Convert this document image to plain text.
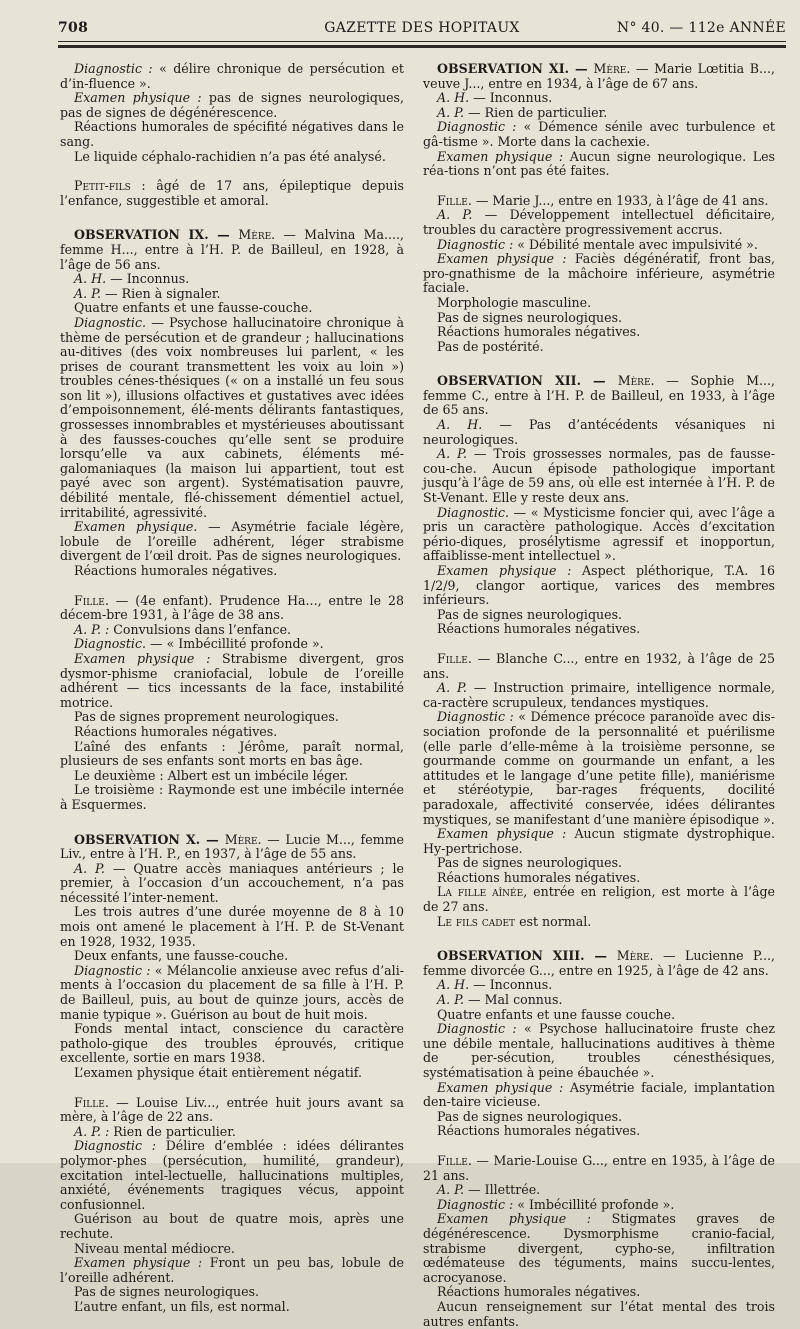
708	GAZETTE DES HOPITAUX	N° 40. — 112e ANNÉE

Diagnostic : « délire chronique de persécution et d’in-fluence ».

Examen physique : pas de signes neurologiques, pas de signes de dégénérescence.

Réactions humorales de spécifité négatives dans le sang.

Le liquide céphalo-rachidien n’a pas été analysé.

Petit-fils : âgé de 17 ans, épileptique depuis l’enfance, suggestible et amoral.

OBSERVATION IX. — Mère. — Malvina Ma...., femme H..., entre à l’H. P. de Bailleul, en 1928, à l’âge de 56 ans.

A. H. — Inconnus.

A. P. — Rien à signaler.

Quatre enfants et une fausse-couche.

Diagnostic. — Psychose hallucinatoire chronique à thème de persécution et de grandeur ; hallucinations au-ditives (des voix nombreuses lui parlent, « les prises de courant transmettent les voix au loin ») troubles cénes-thésiques (« on a installé un feu sous son lit »), illusions olfactives et gustatives avec idées d’empoisonnement, élé-ments délirants fantastiques, grossesses innombrables et mystérieuses aboutissant à des fausses-couches qu’elle sent se produire lorsqu’elle va aux cabinets, éléments mé-galomaniaques (la maison lui appartient, tout est payé avec son argent). Systématisation pauvre, débilité mentale, flé-chissement démentiel actuel, irritabilité, agressivité.

Examen physique. — Asymétrie faciale légère, lobule de l’oreille adhérent, léger strabisme divergent de l’œil droit. Pas de signes neurologiques.

Réactions humorales négatives.

Fille. — (4e enfant). Prudence Ha..., entre le 28 décem-bre 1931, à l’âge de 38 ans.

A. P. : Convulsions dans l’enfance.

Diagnostic. — « Imbécillité profonde ».

Examen physique : Strabisme divergent, gros dysmor-phisme craniofacial, lobule de l’oreille adhérent — tics incessants de la face, instabilité motrice.

Pas de signes proprement neurologiques.

Réactions humorales négatives.

L’aîné des enfants : Jérôme, paraît normal, plusieurs de ses enfants sont morts en bas âge.

Le deuxième : Albert est un imbécile léger.

Le troisième : Raymonde est une imbécile internée à Esquermes.

OBSERVATION X. — Mère. — Lucie M..., femme Liv., entre à l’H. P., en 1937, à l’âge de 55 ans.

A. P. — Quatre accès maniaques antérieurs ; le premier, à l’occasion d’un accouchement, n’a pas nécessité l’inter-nement.

Les trois autres d’une durée moyenne de 8 à 10 mois ont amené le placement à l’H. P. de St-Venant en 1928, 1932, 1935.

Deux enfants, une fausse-couche.

Diagnostic : « Mélancolie anxieuse avec refus d’ali-ments à l’occasion du placement de sa fille à l’H. P. de Bailleul, puis, au bout de quinze jours, accès de manie typique ». Guérison au bout de huit mois.

Fonds mental intact, conscience du caractère patholo-gique des troubles éprouvés, critique excellente, sortie en mars 1938.

L’examen physique était entièrement négatif.

Fille. — Louise Liv..., entrée huit jours avant sa mère, à l’âge de 22 ans.

A. P. : Rien de particulier.

Diagnostic : Délire d’emblée : idées délirantes polymor-phes (persécution, humilité, grandeur), excitation intel-lectuelle, hallucinations multiples, anxiété, événements tragiques vécus, appoint confusionnel.

Guérison au bout de quatre mois, après une rechute.

Niveau mental médiocre.

Examen physique : Front un peu bas, lobule de l’oreille adhérent.

Pas de signes neurologiques.

L’autre enfant, un fils, est normal.

OBSERVATION XI. — Mère. — Marie Lœtitia B..., veuve J..., entre en 1934, à l’âge de 67 ans.

A. H. — Inconnus.

A. P. — Rien de particulier.

Diagnostic : « Démence sénile avec turbulence et gâ-tisme ». Morte dans la cachexie.

Examen physique : Aucun signe neurologique. Les réa-tions n’ont pas été faites.

Fille. — Marie J..., entre en 1933, à l’âge de 41 ans.

A. P. — Développement intellectuel déficitaire, troubles du caractère progressivement accrus.

Diagnostic : « Débilité mentale avec impulsivité ».

Examen physique : Faciès dégénératif, front bas, pro-gnathisme de la mâchoire inférieure, asymétrie faciale.

Morphologie masculine.

Pas de signes neurologiques.

Réactions humorales négatives.

Pas de postérité.

OBSERVATION XII. — Mère. — Sophie M..., femme C., entre à l’H. P. de Bailleul, en 1933, à l’âge de 65 ans.

A. H. — Pas d’antécédents vésaniques ni neurologiques.

A. P. — Trois grossesses normales, pas de fausse-cou-che. Aucun épisode pathologique important jusqu’à l’âge de 59 ans, où elle est internée à l’H. P. de St-Venant. Elle y reste deux ans.

Diagnostic. — « Mysticisme foncier qui, avec l’âge a pris un caractère pathologique. Accès d’excitation pério-diques, prosélytisme agressif et inopportun, affaiblisse-ment intellectuel ».

Examen physique : Aspect pléthorique, T.A. 16 1/2/9, clangor aortique, varices des membres inférieurs.

Pas de signes neurologiques.

Réactions humorales négatives.

Fille. — Blanche C..., entre en 1932, à l’âge de 25 ans.

A. P. — Instruction primaire, intelligence normale, ca-ractère scrupuleux, tendances mystiques.

Diagnostic : « Démence précoce paranoïde avec dis-sociation profonde de la personnalité et puérilisme (elle parle d’elle-même à la troisième personne, se gourmande comme on gourmande un enfant, a les attitudes et le langage d’une petite fille), maniérisme et stéréotypie, bar-rages fréquents, docilité paradoxale, affectivité conservée, idées délirantes mystiques, se manifestant d’une manière épisodique ».

Examen physique : Aucun stigmate dystrophique. Hy-pertrichose.

Pas de signes neurologiques.

Réactions humorales négatives.

La fille aînée, entrée en religion, est morte à l’âge de 27 ans.

Le fils cadet est normal.

OBSERVATION XIII. — Mère. — Lucienne P..., femme divorcée G..., entre en 1925, à l’âge de 42 ans.

A. H. — Inconnus.

A. P. — Mal connus.

Quatre enfants et une fausse couche.

Diagnostic : « Psychose hallucinatoire fruste chez une débile mentale, hallucinations auditives à thème de per-sécution, troubles cénesthésiques, systématisation à peine ébauchée ».

Examen physique : Asymétrie faciale, implantation den-taire vicieuse.

Pas de signes neurologiques.

Réactions humorales négatives.

Fille. — Marie-Louise G..., entre en 1935, à l’âge de 21 ans.

A. P. — Illettrée.

Diagnostic : « Imbécillité profonde ».

Examen physique : Stigmates graves de dégénérescence. Dysmorphisme cranio-facial, strabisme divergent, cypho-se, infiltration œdémateuse des téguments, mains succu-lentes, acrocyanose.

Réactions humorales négatives.

Aucun renseignement sur l’état mental des trois autres enfants.
